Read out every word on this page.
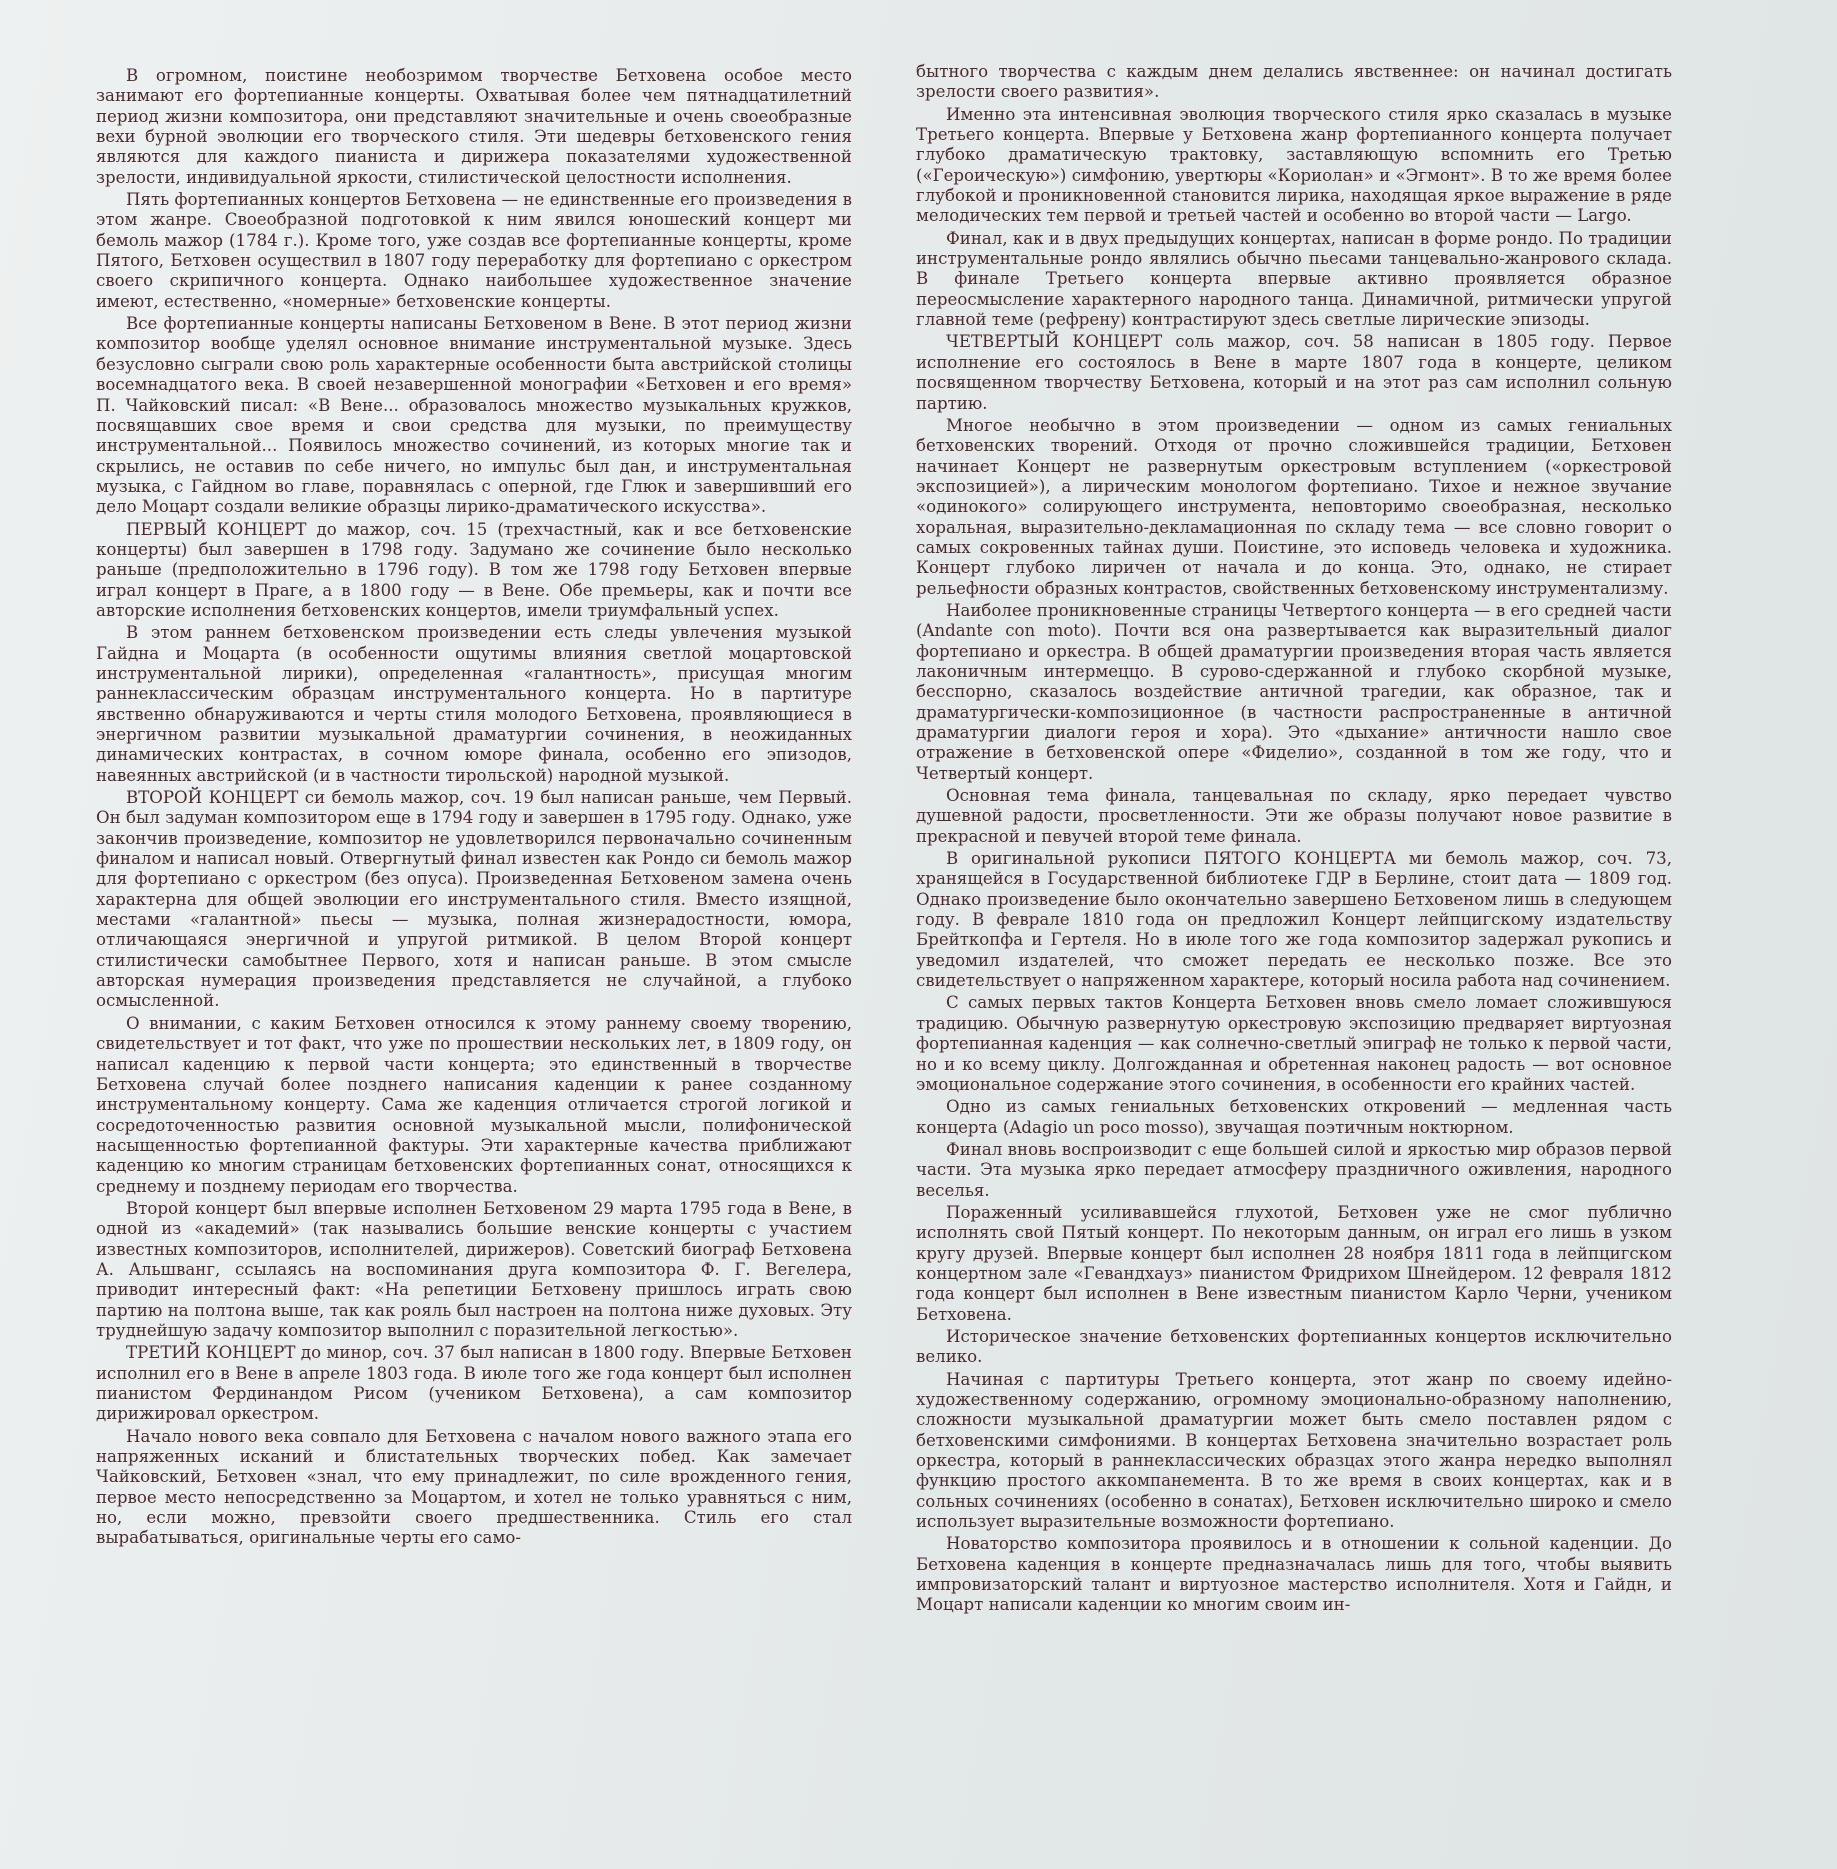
В огромном, поистине необозримом творчестве Бетховена особое место занимают его фортепианные концерты. Охватывая более чем пятнадцатилетний период жизни композитора, они представляют значительные и очень своеобразные вехи бурной эволюции его творческого стиля. Эти шедевры бетховенского гения являются для каждого пианиста и дирижера показателями художественной зрелости, индивидуальной яркости, стилистической целостности исполнения.

Пять фортепианных концертов Бетховена — не единственные его произведения в этом жанре. Своеобразной подготовкой к ним явился юношеский концерт ми бемоль мажор (1784 г.). Кроме того, уже создав все фортепианные концерты, кроме Пятого, Бетховен осуществил в 1807 году переработку для фортепиано с оркестром своего скрипичного концерта. Однако наибольшее художественное значение имеют, естественно, «номерные» бетховенские концерты.

Все фортепианные концерты написаны Бетховеном в Вене. В этот период жизни композитор вообще уделял основное внимание инструментальной музыке. Здесь безусловно сыграли свою роль характерные особенности быта австрийской столицы восемнадцатого века. В своей незавершенной монографии «Бетховен и его время» П. Чайковский писал: «В Вене... образовалось множество музыкальных кружков, посвящавших свое время и свои средства для музыки, по преимуществу инструментальной... Появилось множество сочинений, из которых многие так и скрылись, не оставив по себе ничего, но импульс был дан, и инструментальная музыка, с Гайдном во главе, поравнялась с оперной, где Глюк и завершивший его дело Моцарт создали великие образцы лирико-драматического искусства».

ПЕРВЫЙ КОНЦЕРТ до мажор, соч. 15 (трехчастный, как и все бетховенские концерты) был завершен в 1798 году. Задумано же сочинение было несколько раньше (предположительно в 1796 году). В том же 1798 году Бетховен впервые играл концерт в Праге, а в 1800 году — в Вене. Обе премьеры, как и почти все авторские исполнения бетховенских концертов, имели триумфальный успех.

В этом раннем бетховенском произведении есть следы увлечения музыкой Гайдна и Моцарта (в особенности ощутимы влияния светлой моцартовской инструментальной лирики), определенная «галантность», присущая многим раннеклассическим образцам инструментального концерта. Но в партитуре явственно обнаруживаются и черты стиля молодого Бетховена, проявляющиеся в энергичном развитии музыкальной драматургии сочинения, в неожиданных динамических контрастах, в сочном юморе финала, особенно его эпизодов, навеянных австрийской (и в частности тирольской) народной музыкой.

ВТОРОЙ КОНЦЕРТ си бемоль мажор, соч. 19 был написан раньше, чем Первый. Он был задуман композитором еще в 1794 году и завершен в 1795 году. Однако, уже закончив произведение, композитор не удовлетворился первоначально сочиненным финалом и написал новый. Отвергнутый финал известен как Рондо си бемоль мажор для фортепиано с оркестром (без опуса). Произведенная Бетховеном замена очень характерна для общей эволюции его инструментального стиля. Вместо изящной, местами «галантной» пьесы — музыка, полная жизнерадостности, юмора, отличающаяся энергичной и упругой ритмикой. В целом Второй концерт стилистически самобытнее Первого, хотя и написан раньше. В этом смысле авторская нумерация произведения представляется не случайной, а глубоко осмысленной.

О внимании, с каким Бетховен относился к этому раннему своему творению, свидетельствует и тот факт, что уже по прошествии нескольких лет, в 1809 году, он написал каденцию к первой части концерта; это единственный в творчестве Бетховена случай более позднего написания каденции к ранее созданному инструментальному концерту. Сама же каденция отличается строгой логикой и сосредоточенностью развития основной музыкальной мысли, полифонической насыщенностью фортепианной фактуры. Эти характерные качества приближают каденцию ко многим страницам бетховенских фортепианных сонат, относящихся к среднему и позднему периодам его творчества.

Второй концерт был впервые исполнен Бетховеном 29 марта 1795 года в Вене, в одной из «академий» (так назывались большие венские концерты с участием известных композиторов, исполнителей, дирижеров). Советский биограф Бетховена А. Альшванг, ссылаясь на воспоминания друга композитора Ф. Г. Вегелера, приводит интересный факт: «На репетиции Бетховену пришлось играть свою партию на полтона выше, так как рояль был настроен на полтона ниже духовых. Эту труднейшую задачу композитор выполнил с поразительной легкостью».

ТРЕТИЙ КОНЦЕРТ до минор, соч. 37 был написан в 1800 году. Впервые Бетховен исполнил его в Вене в апреле 1803 года. В июле того же года концерт был исполнен пианистом Фердинандом Рисом (учеником Бетховена), а сам композитор дирижировал оркестром.

Начало нового века совпало для Бетховена с началом нового важного этапа его напряженных исканий и блистательных творческих побед. Как замечает Чайковский, Бетховен «знал, что ему принадлежит, по силе врожденного гения, первое место непосредственно за Моцартом, и хотел не только уравняться с ним, но, если можно, превзойти своего предшественника. Стиль его стал вырабатываться, оригинальные черты его само-

бытного творчества с каждым днем делались явственнее: он начинал достигать зрелости своего развития».

Именно эта интенсивная эволюция творческого стиля ярко сказалась в музыке Третьего концерта. Впервые у Бетховена жанр фортепианного концерта получает глубоко драматическую трактовку, заставляющую вспомнить его Третью («Героическую») симфонию, увертюры «Кориолан» и «Эгмонт». В то же время более глубокой и проникновенной становится лирика, находящая яркое выражение в ряде мелодических тем первой и третьей частей и особенно во второй части — Largo.

Финал, как и в двух предыдущих концертах, написан в форме рондо. По традиции инструментальные рондо являлись обычно пьесами танцевально-жанрового склада. В финале Третьего концерта впервые активно проявляется образное переосмысление характерного народного танца. Динамичной, ритмически упругой главной теме (рефрену) контрастируют здесь светлые лирические эпизоды.

ЧЕТВЕРТЫЙ КОНЦЕРТ соль мажор, соч. 58 написан в 1805 году. Первое исполнение его состоялось в Вене в марте 1807 года в концерте, целиком посвященном творчеству Бетховена, который и на этот раз сам исполнил сольную партию.

Многое необычно в этом произведении — одном из самых гениальных бетховенских творений. Отходя от прочно сложившейся традиции, Бетховен начинает Концерт не развернутым оркестровым вступлением («оркестровой экспозицией»), а лирическим монологом фортепиано. Тихое и нежное звучание «одинокого» солирующего инструмента, неповторимо своеобразная, несколько хоральная, выразительно-декламационная по складу тема — все словно говорит о самых сокровенных тайнах души. Поистине, это исповедь человека и художника. Концерт глубоко лиричен от начала и до конца. Это, однако, не стирает рельефности образных контрастов, свойственных бетховенскому инструментализму.

Наиболее проникновенные страницы Четвертого концерта — в его средней части (Andante con moto). Почти вся она развертывается как выразительный диалог фортепиано и оркестра. В общей драматургии произведения вторая часть является лаконичным интермеццо. В сурово-сдержанной и глубоко скорбной музыке, бесспорно, сказалось воздействие античной трагедии, как образное, так и драматургически-композиционное (в частности распространенные в античной драматургии диалоги героя и хора). Это «дыхание» античности нашло свое отражение в бетховенской опере «Фиделио», созданной в том же году, что и Четвертый концерт.

Основная тема финала, танцевальная по складу, ярко передает чувство душевной радости, просветленности. Эти же образы получают новое развитие в прекрасной и певучей второй теме финала.

В оригинальной рукописи ПЯТОГО КОНЦЕРТА ми бемоль мажор, соч. 73, хранящейся в Государственной библиотеке ГДР в Берлине, стоит дата — 1809 год. Однако произведение было окончательно завершено Бетховеном лишь в следующем году. В феврале 1810 года он предложил Концерт лейпцигскому издательству Брейткопфа и Гертеля. Но в июле того же года композитор задержал рукопись и уведомил издателей, что сможет передать ее несколько позже. Все это свидетельствует о напряженном характере, который носила работа над сочинением.

С самых первых тактов Концерта Бетховен вновь смело ломает сложившуюся традицию. Обычную развернутую оркестровую экспозицию предваряет виртуозная фортепианная каденция — как солнечно-светлый эпиграф не только к первой части, но и ко всему циклу. Долгожданная и обретенная наконец радость — вот основное эмоциональное содержание этого сочинения, в особенности его крайних частей.

Одно из самых гениальных бетховенских откровений — медленная часть концерта (Adagio un poco mosso), звучащая поэтичным ноктюрном.

Финал вновь воспроизводит с еще большей силой и яркостью мир образов первой части. Эта музыка ярко передает атмосферу праздничного оживления, народного веселья.

Пораженный усиливавшейся глухотой, Бетховен уже не смог публично исполнять свой Пятый концерт. По некоторым данным, он играл его лишь в узком кругу друзей. Впервые концерт был исполнен 28 ноября 1811 года в лейпцигском концертном зале «Гевандхауз» пианистом Фридрихом Шнейдером. 12 февраля 1812 года концерт был исполнен в Вене известным пианистом Карло Черни, учеником Бетховена.

Историческое значение бетховенских фортепианных концертов исключительно велико.

Начиная с партитуры Третьего концерта, этот жанр по своему идейно-художественному содержанию, огромному эмоционально-образному наполнению, сложности музыкальной драматургии может быть смело поставлен рядом с бетховенскими симфониями. В концертах Бетховена значительно возрастает роль оркестра, который в раннеклассических образцах этого жанра нередко выполнял функцию простого аккомпанемента. В то же время в своих концертах, как и в сольных сочинениях (особенно в сонатах), Бетховен исключительно широко и смело использует выразительные возможности фортепиано.

Новаторство композитора проявилось и в отношении к сольной каденции. До Бетховена каденция в концерте предназначалась лишь для того, чтобы выявить импровизаторский талант и виртуозное мастерство исполнителя. Хотя и Гайдн, и Моцарт написали каденции ко многим своим ин-
